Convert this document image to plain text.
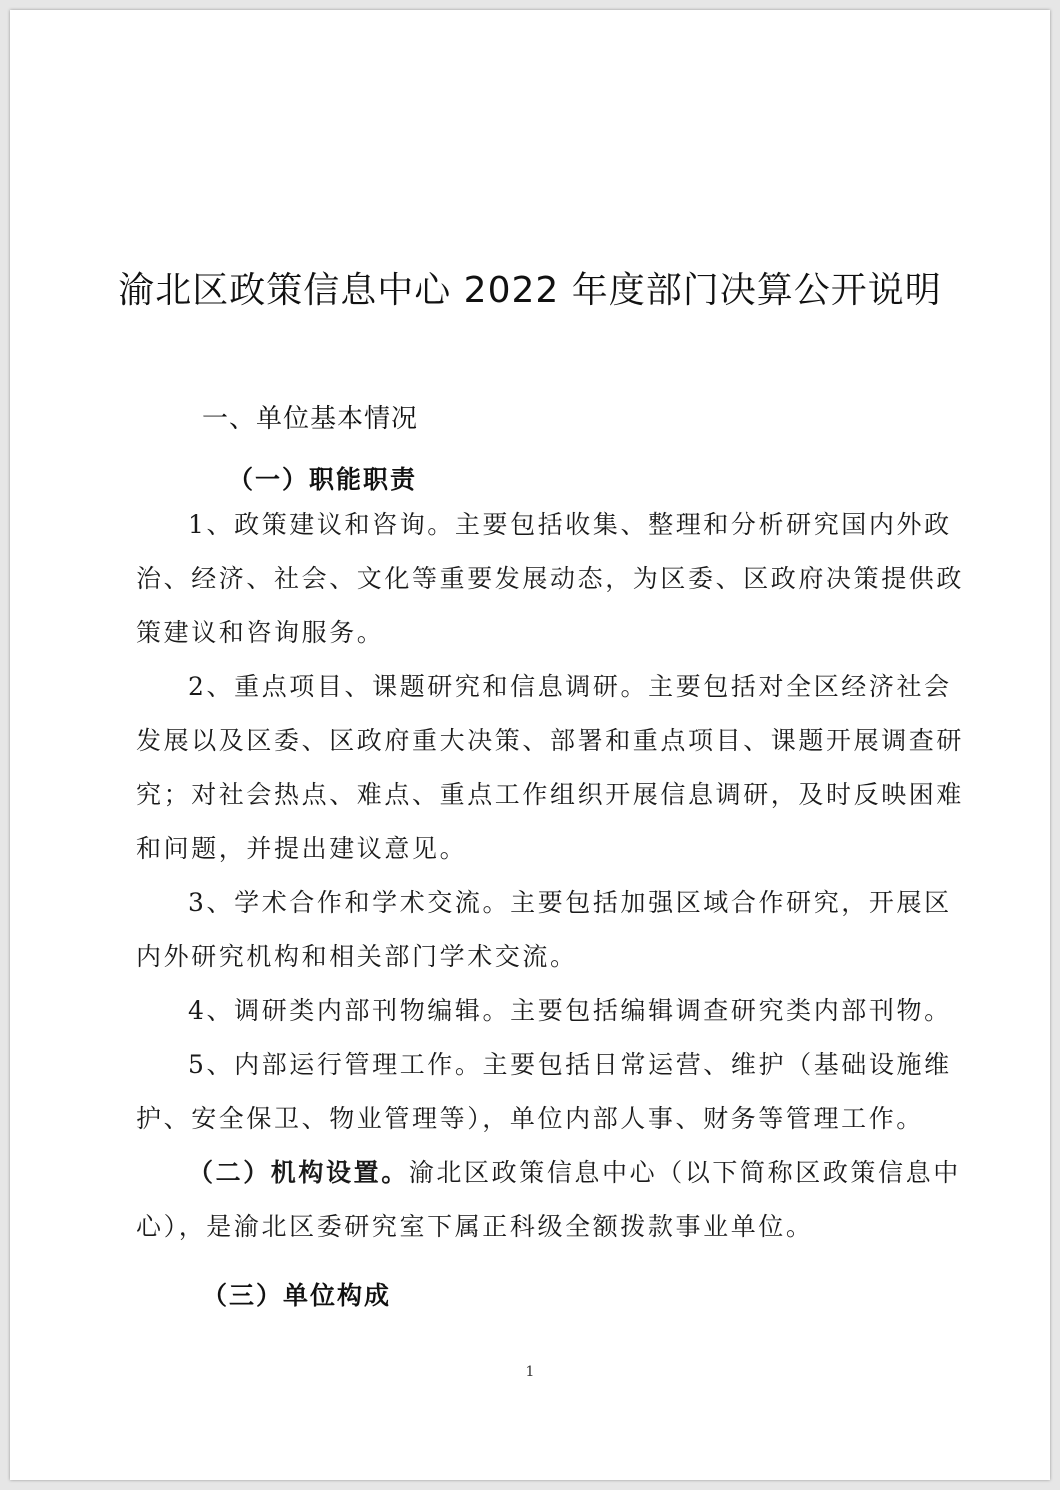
渝北区政策信息中心 2022 年度部门决算公开说明
一、单位基本情况
（一）职能职责
1、政策建议和咨询。主要包括收集、整理和分析研究国内外政治、经济、社会、文化等重要发展动态，为区委、区政府决策提供政策建议和咨询服务。
2、重点项目、课题研究和信息调研。主要包括对全区经济社会发展以及区委、区政府重大决策、部署和重点项目、课题开展调查研究；对社会热点、难点、重点工作组织开展信息调研，及时反映困难和问题，并提出建议意见。
3、学术合作和学术交流。主要包括加强区域合作研究，开展区内外研究机构和相关部门学术交流。
4、调研类内部刊物编辑。主要包括编辑调查研究类内部刊物。
5、内部运行管理工作。主要包括日常运营、维护（基础设施维护、安全保卫、物业管理等），单位内部人事、财务等管理工作。
（二）机构设置。渝北区政策信息中心（以下简称区政策信息中心），是渝北区委研究室下属正科级全额拨款事业单位。
（三）单位构成
1
